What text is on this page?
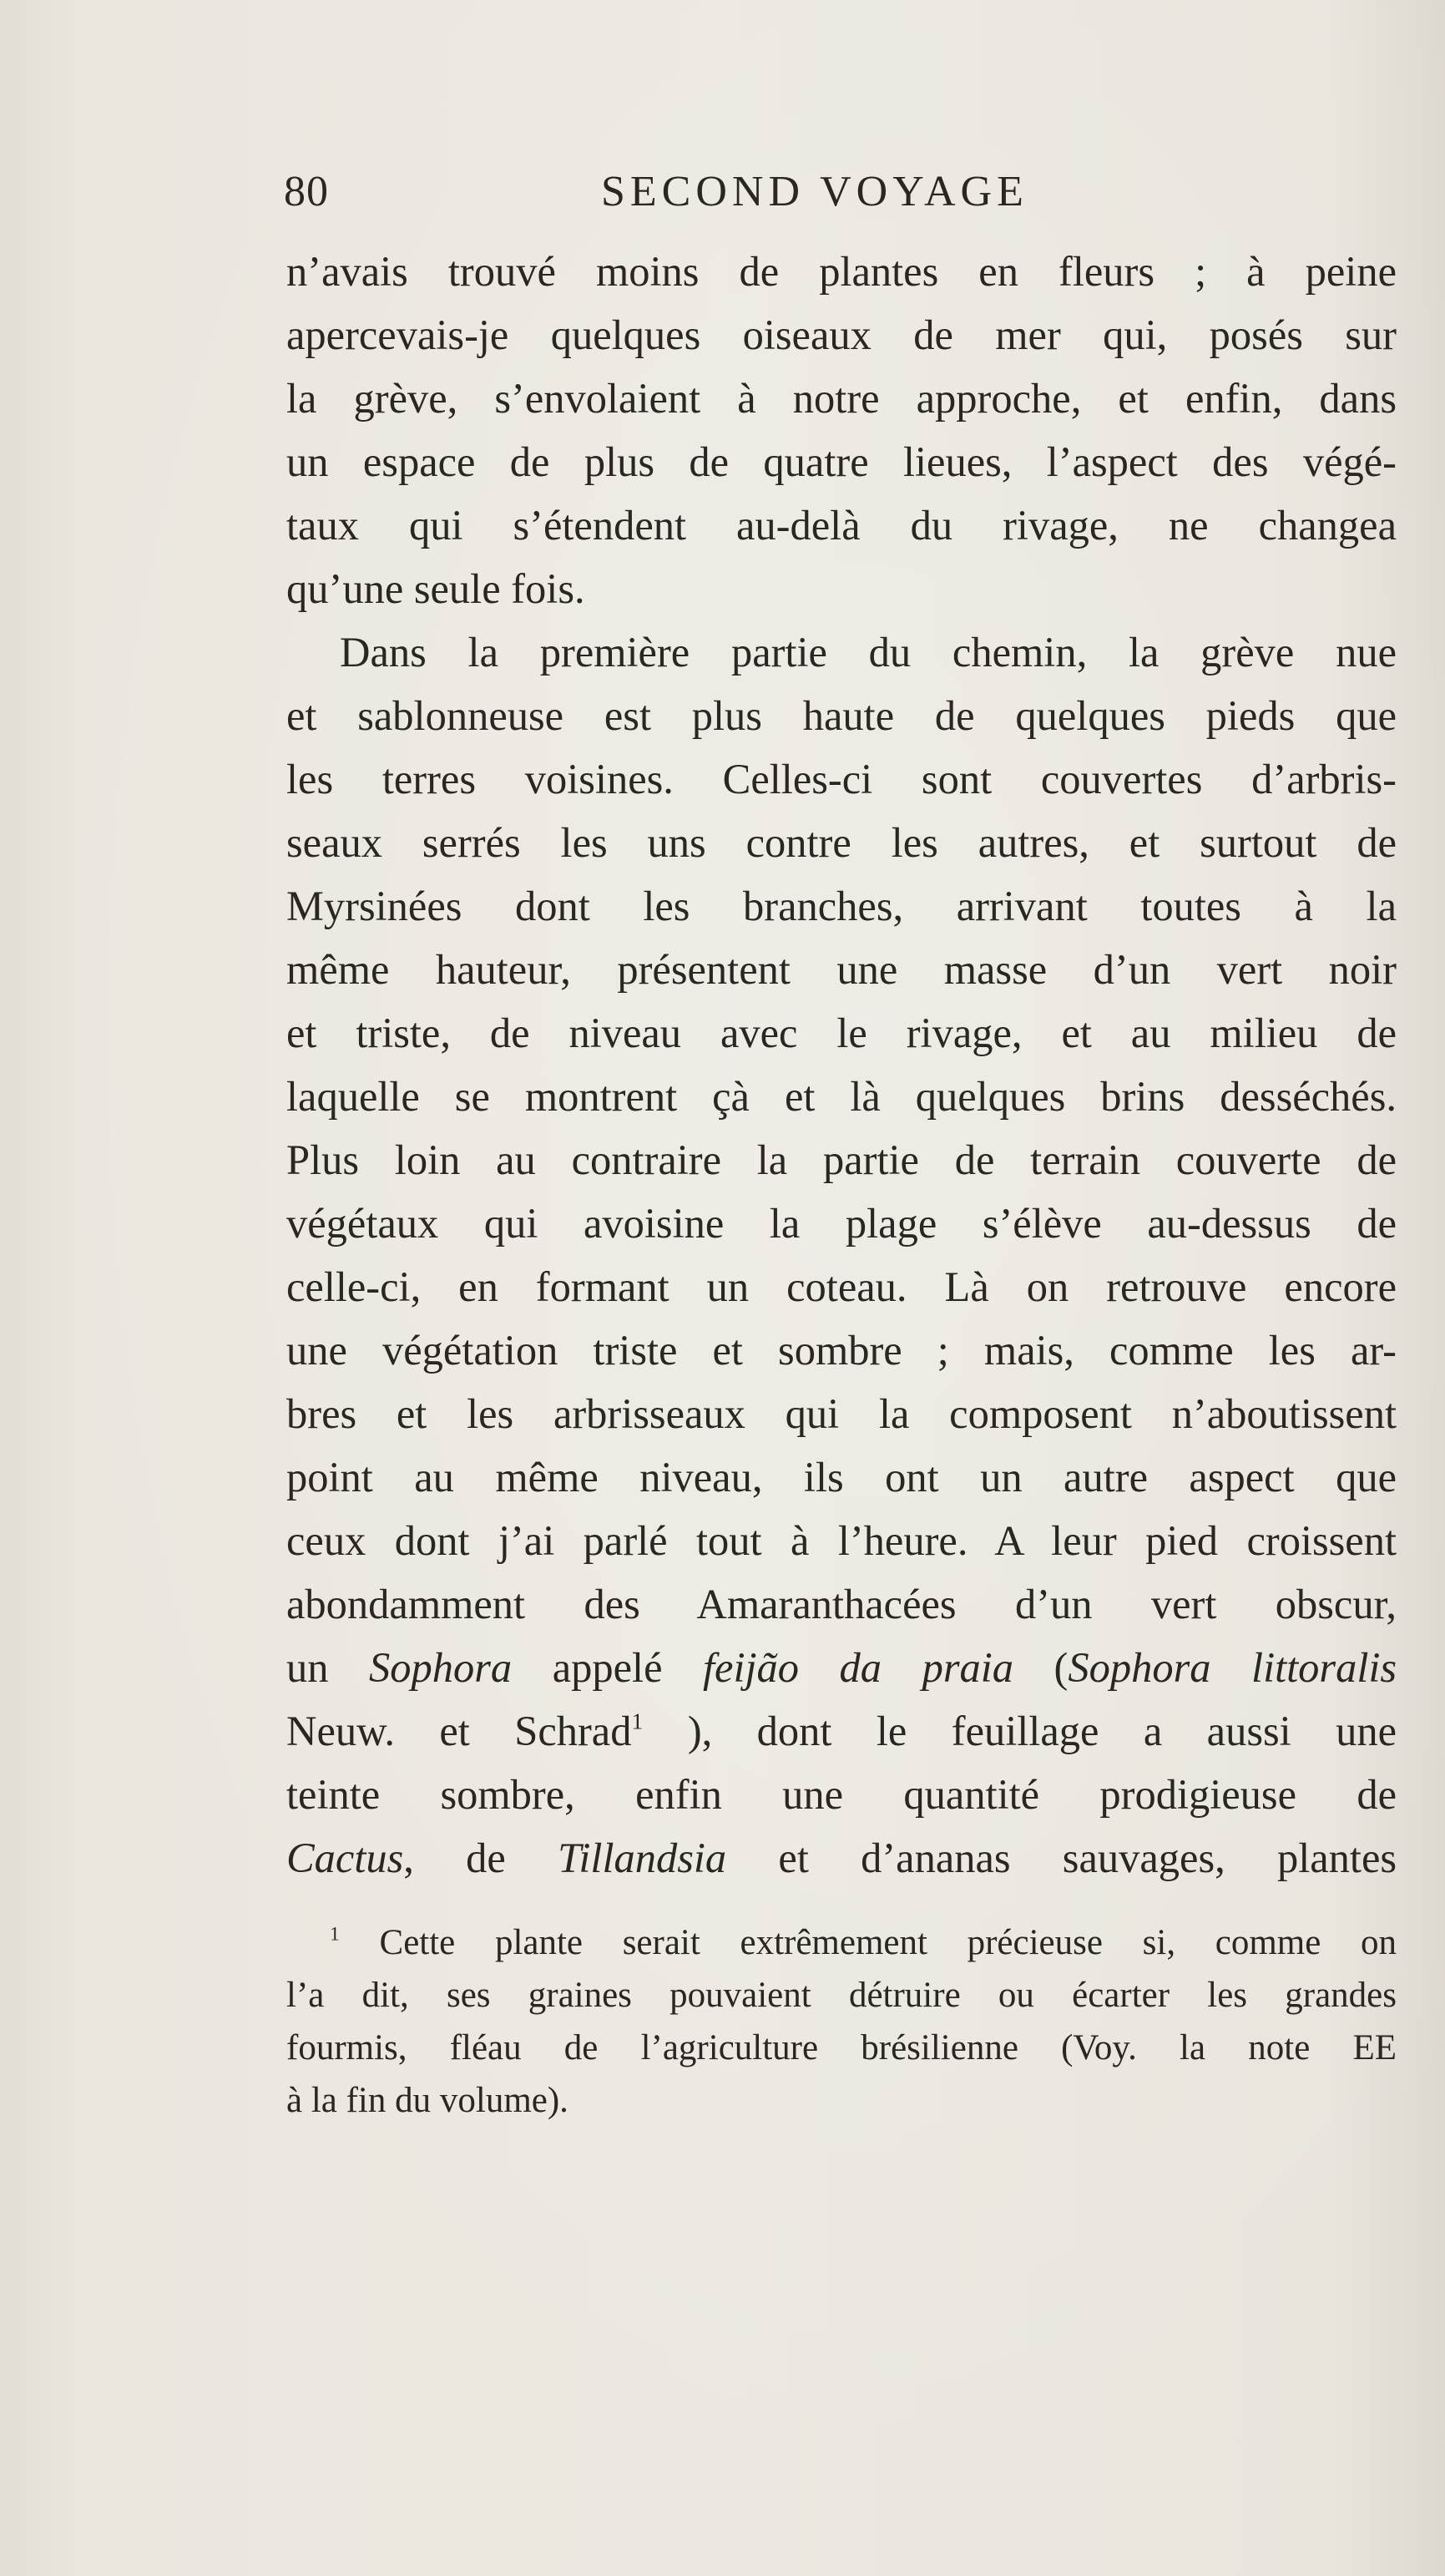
80	SECOND VOYAGE
n’avais trouvé moins de plantes en fleurs ; à peine
apercevais-je quelques oiseaux de mer qui, posés sur
la grève, s’envolaient à notre approche, et enfin, dans
un espace de plus de quatre lieues, l’aspect des végé-
taux qui s’étendent au-delà du rivage, ne changea
qu’une seule fois.
Dans la première partie du chemin, la grève nue
et sablonneuse est plus haute de quelques pieds que
les terres voisines. Celles-ci sont couvertes d’arbris-
seaux serrés les uns contre les autres, et surtout de
Myrsinées dont les branches, arrivant toutes à la
même hauteur, présentent une masse d’un vert noir
et triste, de niveau avec le rivage, et au milieu de
laquelle se montrent çà et là quelques brins desséchés.
Plus loin au contraire la partie de terrain couverte de
végétaux qui avoisine la plage s’élève au-dessus de
celle-ci, en formant un coteau. Là on retrouve encore
une végétation triste et sombre ; mais, comme les ar-
bres et les arbrisseaux qui la composent n’aboutissent
point au même niveau, ils ont un autre aspect que
ceux dont j’ai parlé tout à l’heure. A leur pied croissent
abondamment des Amaranthacées d’un vert obscur,
un Sophora appelé feijão da praia (Sophora littoralis
Neuw. et Schrad$^1$ ), dont le feuillage a aussi une
teinte sombre, enfin une quantité prodigieuse de
Cactus, de Tillandsia et d’ananas sauvages, plantes
$^1$ Cette plante serait extrêmement précieuse si, comme on
l’a dit, ses graines pouvaient détruire ou écarter les grandes
fourmis, fléau de l’agriculture brésilienne (Voy. la note EE
à la fin du volume).
